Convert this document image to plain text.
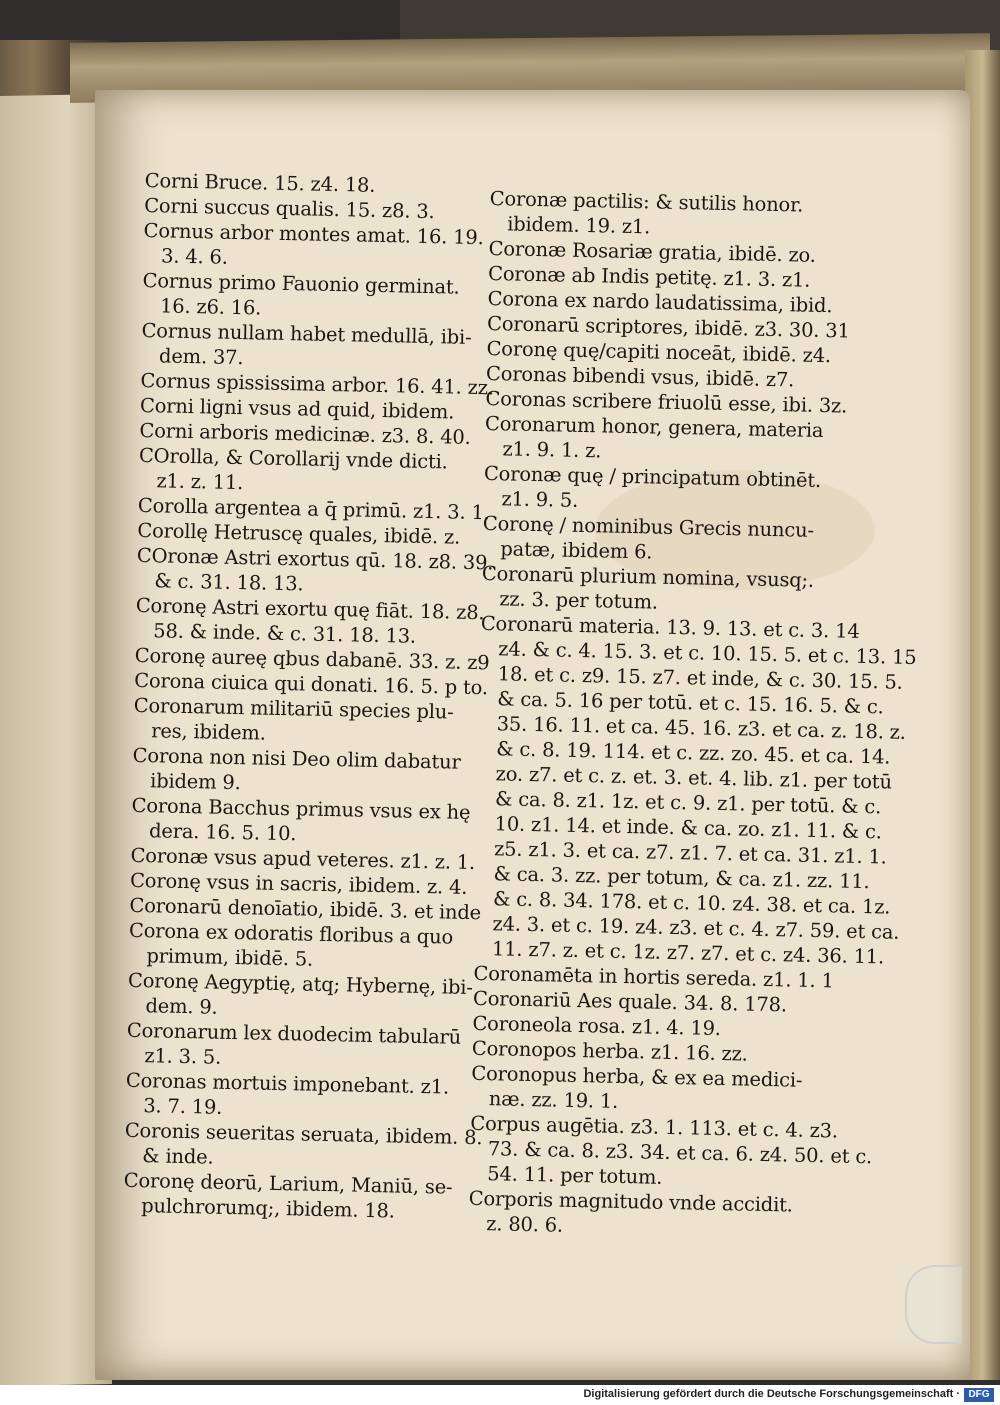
Corni Bruce. 15. z4. 18.
Corni succus qualis. 15. z8. 3.
Cornus arbor montes amat. 16. 19.
3. 4. 6.
Cornus primo Fauonio germinat.
16. z6. 16.
Cornus nullam habet medullā, ibi-
dem. 37.
Cornus spississima arbor. 16. 41. zz.
Corni ligni vsus ad quid, ibidem.
Corni arboris medicinæ. z3. 8. 40.
COrolla, & Corollarij vnde dicti.
z1. z. 11.
Corolla argentea a q̄ primū. z1. 3. 1.
Corollę Hetruscę quales, ibidē. z.
COronæ Astri exortus qū. 18. z8. 39.
& c. 31. 18. 13.
Coronę Astri exortu quę fiāt. 18. z8.
58. & inde. & c. 31. 18. 13.
Coronę aureę qbus dabanē. 33. z. z9
Corona ciuica qui donati. 16. 5. p to.
Coronarum militariū species plu-
res, ibidem.
Corona non nisi Deo olim dabatur
ibidem 9.
Corona Bacchus primus vsus ex hę
dera. 16. 5. 10.
Coronæ vsus apud veteres. z1. z. 1.
Coronę vsus in sacris, ibidem. z. 4.
Coronarū denoīatio, ibidē. 3. et inde
Corona ex odoratis floribus a quo
primum, ibidē. 5.
Coronę Aegyptię, atq; Hybernę, ibi-
dem. 9.
Coronarum lex duodecim tabularū
z1. 3. 5.
Coronas mortuis imponebant. z1.
3. 7. 19.
Coronis seueritas seruata, ibidem. 8.
& inde.
Coronę deorū, Larium, Maniū, se-
pulchrorumq;, ibidem. 18.
Coronæ pactilis: & sutilis honor.
ibidem. 19. z1.
Coronæ Rosariæ gratia, ibidē. zo.
Coronæ ab Indis petitę. z1. 3. z1.
Corona ex nardo laudatissima, ibid.
Coronarū scriptores, ibidē. z3. 30. 31
Coronę quę/capiti noceāt, ibidē. z4.
Coronas bibendi vsus, ibidē. z7.
Coronas scribere friuolū esse, ibi. 3z.
Coronarum honor, genera, materia
z1. 9. 1. z.
Coronæ quę / principatum obtinēt.
z1. 9. 5.
Coronę / nominibus Grecis nuncu-
patæ, ibidem 6.
Coronarū plurium nomina, vsusq;.
zz. 3. per totum.
Coronarū materia. 13. 9. 13. et c. 3. 14
z4. & c. 4. 15. 3. et c. 10. 15. 5. et c. 13. 15
18. et c. z9. 15. z7. et inde, & c. 30. 15. 5.
& ca. 5. 16 per totū. et c. 15. 16. 5. & c.
35. 16. 11. et ca. 45. 16. z3. et ca. z. 18. z.
& c. 8. 19. 114. et c. zz. zo. 45. et ca. 14.
zo. z7. et c. z. et. 3. et. 4. lib. z1. per totū
& ca. 8. z1. 1z. et c. 9. z1. per totū. & c.
10. z1. 14. et inde. & ca. zo. z1. 11. & c.
z5. z1. 3. et ca. z7. z1. 7. et ca. 31. z1. 1.
& ca. 3. zz. per totum, & ca. z1. zz. 11.
& c. 8. 34. 178. et c. 10. z4. 38. et ca. 1z.
z4. 3. et c. 19. z4. z3. et c. 4. z7. 59. et ca.
11. z7. z. et c. 1z. z7. z7. et c. z4. 36. 11.
Coronamēta in hortis sereda. z1. 1. 1
Coronariū Aes quale. 34. 8. 178.
Coroneola rosa. z1. 4. 19.
Coronopos herba. z1. 16. zz.
Coronopus herba, & ex ea medici-
næ. zz. 19. 1.
Corpus augētia. z3. 1. 113. et c. 4. z3.
73. & ca. 8. z3. 34. et ca. 6. z4. 50. et c.
54. 11. per totum.
Corporis magnitudo vnde accidit.
z. 80. 6.
Digitalisierung gefördert durch die Deutsche Forschungsgemeinschaft · DFG
